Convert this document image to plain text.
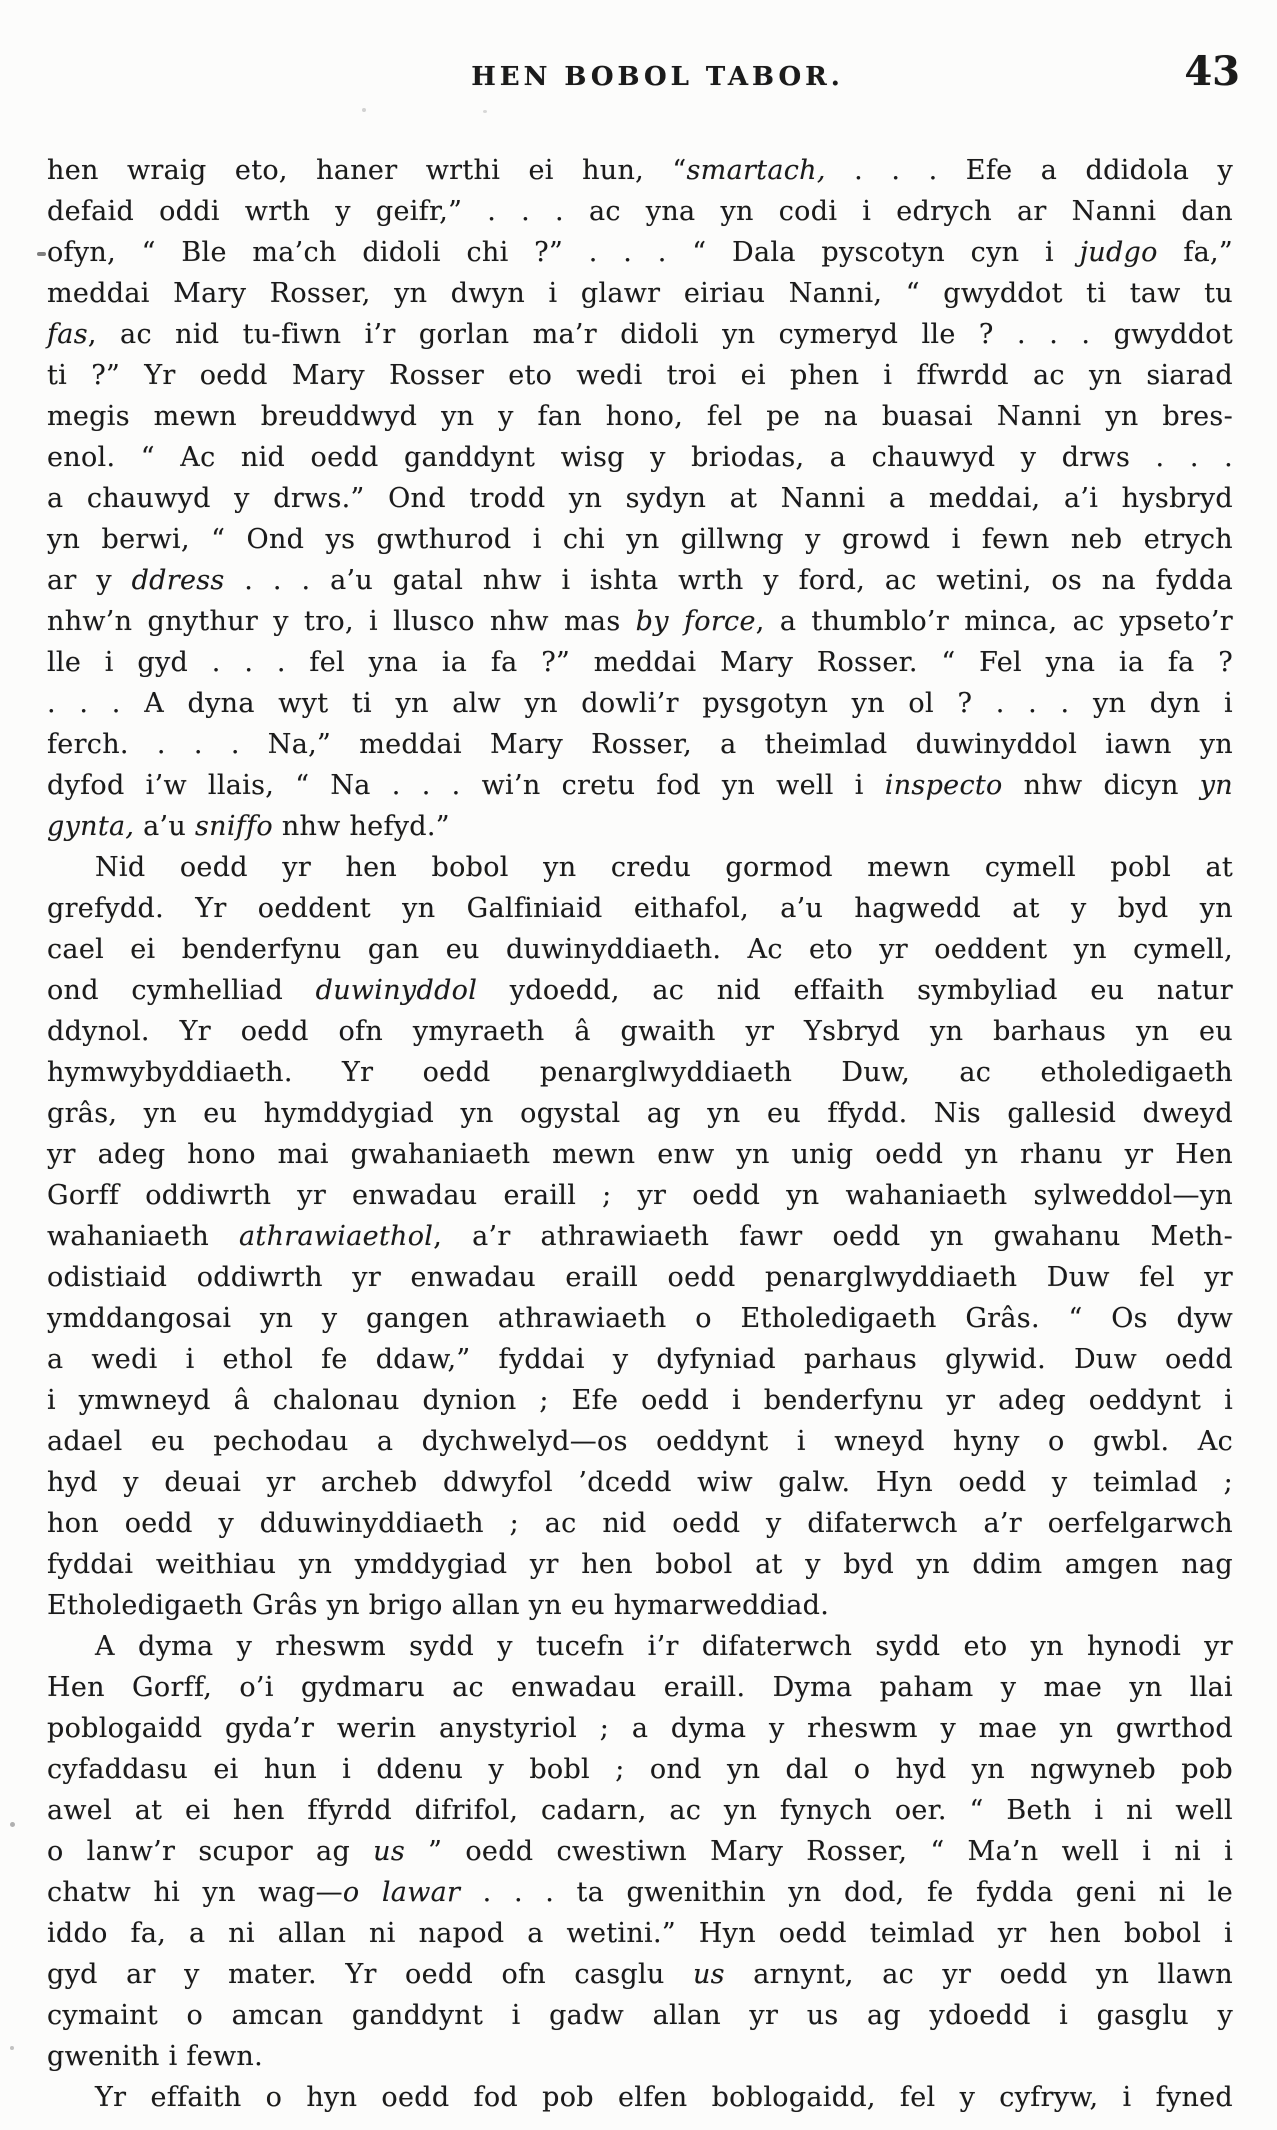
HEN BOBOL TABOR.	43
hen wraig eto, haner wrthi ei hun, “smartach, . . . Efe a ddidola y
defaid oddi wrth y geifr,” . . . ac yna yn codi i edrych ar Nanni dan
ofyn, “ Ble ma’ch didoli chi ?” . . . “ Dala pyscotyn cyn i judgo fa,”
meddai Mary Rosser, yn dwyn i glawr eiriau Nanni, “ gwyddot ti taw tu
fas, ac nid tu-fiwn i’r gorlan ma’r didoli yn cymeryd lle ? . . . gwyddot
ti ?” Yr oedd Mary Rosser eto wedi troi ei phen i ffwrdd ac yn siarad
megis mewn breuddwyd yn y fan hono, fel pe na buasai Nanni yn bres-
enol. “ Ac nid oedd ganddynt wisg y briodas, a chauwyd y drws . . .
a chauwyd y drws.” Ond trodd yn sydyn at Nanni a meddai, a’i hysbryd
yn berwi, “ Ond ys gwthurod i chi yn gillwng y growd i fewn neb etrych
ar y ddress . . . a’u gatal nhw i ishta wrth y ford, ac wetini, os na fydda
nhw’n gnythur y tro, i llusco nhw mas by force, a thumblo’r minca, ac ypseto’r
lle i gyd . . . fel yna ia fa ?” meddai Mary Rosser. “ Fel yna ia fa ?
. . . A dyna wyt ti yn alw yn dowli’r pysgotyn yn ol ? . . . yn dyn i
ferch. . . . Na,” meddai Mary Rosser, a theimlad duwinyddol iawn yn
dyfod i’w llais, “ Na . . . wi’n cretu fod yn well i inspecto nhw dicyn yn
gynta, a’u sniffo nhw hefyd.”
Nid oedd yr hen bobol yn credu gormod mewn cymell pobl at
grefydd. Yr oeddent yn Galfiniaid eithafol, a’u hagwedd at y byd yn
cael ei benderfynu gan eu duwinyddiaeth. Ac eto yr oeddent yn cymell,
ond cymhelliad duwinyddol ydoedd, ac nid effaith symbyliad eu natur
ddynol. Yr oedd ofn ymyraeth â gwaith yr Ysbryd yn barhaus yn eu
hymwybyddiaeth. Yr oedd penarglwyddiaeth Duw, ac etholedigaeth
grâs, yn eu hymddygiad yn ogystal ag yn eu ffydd. Nis gallesid dweyd
yr adeg hono mai gwahaniaeth mewn enw yn unig oedd yn rhanu yr Hen
Gorff oddiwrth yr enwadau eraill ; yr oedd yn wahaniaeth sylweddol—yn
wahaniaeth athrawiaethol, a’r athrawiaeth fawr oedd yn gwahanu Meth-
odistiaid oddiwrth yr enwadau eraill oedd penarglwyddiaeth Duw fel yr
ymddangosai yn y gangen athrawiaeth o Etholedigaeth Grâs. “ Os dyw
a wedi i ethol fe ddaw,” fyddai y dyfyniad parhaus glywid. Duw oedd
i ymwneyd â chalonau dynion ; Efe oedd i benderfynu yr adeg oeddynt i
adael eu pechodau a dychwelyd—os oeddynt i wneyd hyny o gwbl. Ac
hyd y deuai yr archeb ddwyfol ’dcedd wiw galw. Hyn oedd y teimlad ;
hon oedd y dduwinyddiaeth ; ac nid oedd y difaterwch a’r oerfelgarwch
fyddai weithiau yn ymddygiad yr hen bobol at y byd yn ddim amgen nag
Etholedigaeth Grâs yn brigo allan yn eu hymarweddiad.
A dyma y rheswm sydd y tucefn i’r difaterwch sydd eto yn hynodi yr
Hen Gorff, o’i gydmaru ac enwadau eraill. Dyma paham y mae yn llai
poblogaidd gyda’r werin anystyriol ; a dyma y rheswm y mae yn gwrthod
cyfaddasu ei hun i ddenu y bobl ; ond yn dal o hyd yn ngwyneb pob
awel at ei hen ffyrdd difrifol, cadarn, ac yn fynych oer. “ Beth i ni well
o lanw’r scupor ag us ” oedd cwestiwn Mary Rosser, “ Ma’n well i ni i
chatw hi yn wag—o lawar . . . ta gwenithin yn dod, fe fydda geni ni le
iddo fa, a ni allan ni napod a wetini.” Hyn oedd teimlad yr hen bobol i
gyd ar y mater. Yr oedd ofn casglu us arnynt, ac yr oedd yn llawn
cymaint o amcan ganddynt i gadw allan yr us ag ydoedd i gasglu y
gwenith i fewn.
Yr effaith o hyn oedd fod pob elfen boblogaidd, fel y cyfryw, i fyned
